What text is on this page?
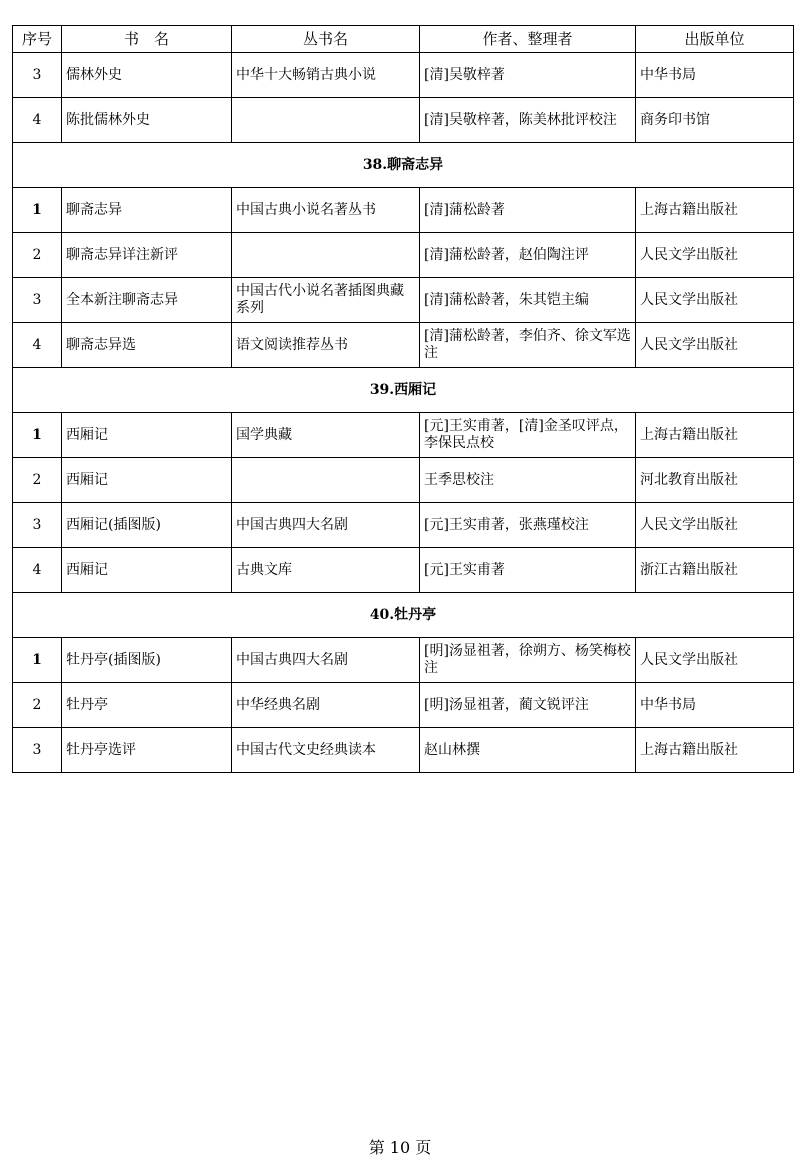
序号	书　名	丛书名	作者、整理者	出版单位
3	儒林外史	中华十大畅销古典小说	[清]吴敬梓著	中华书局
4	陈批儒林外史		[清]吴敬梓著，陈美林批评校注	商务印书馆
38.聊斋志异				
1	聊斋志异	中国古典小说名著丛书	[清]蒲松龄著	上海古籍出版社
2	聊斋志异详注新评		[清]蒲松龄著，赵伯陶注评	人民文学出版社
3	全本新注聊斋志异	中国古代小说名著插图典藏系列	[清]蒲松龄著，朱其铠主编	人民文学出版社
4	聊斋志异选	语文阅读推荐丛书	[清]蒲松龄著，李伯齐、徐文军选注	人民文学出版社
39.西厢记				
1	西厢记	国学典藏	[元]王实甫著，[清]金圣叹评点，李保民点校	上海古籍出版社
2	西厢记		王季思校注	河北教育出版社
3	西厢记(插图版)	中国古典四大名剧	[元]王实甫著，张燕瑾校注	人民文学出版社
4	西厢记	古典文库	[元]王实甫著	浙江古籍出版社
40.牡丹亭				
1	牡丹亭(插图版)	中国古典四大名剧	[明]汤显祖著，徐朔方、杨笑梅校注	人民文学出版社
2	牡丹亭	中华经典名剧	[明]汤显祖著，蔺文锐评注	中华书局
3	牡丹亭选评	中国古代文史经典读本	赵山林撰	上海古籍出版社
第 10 页
